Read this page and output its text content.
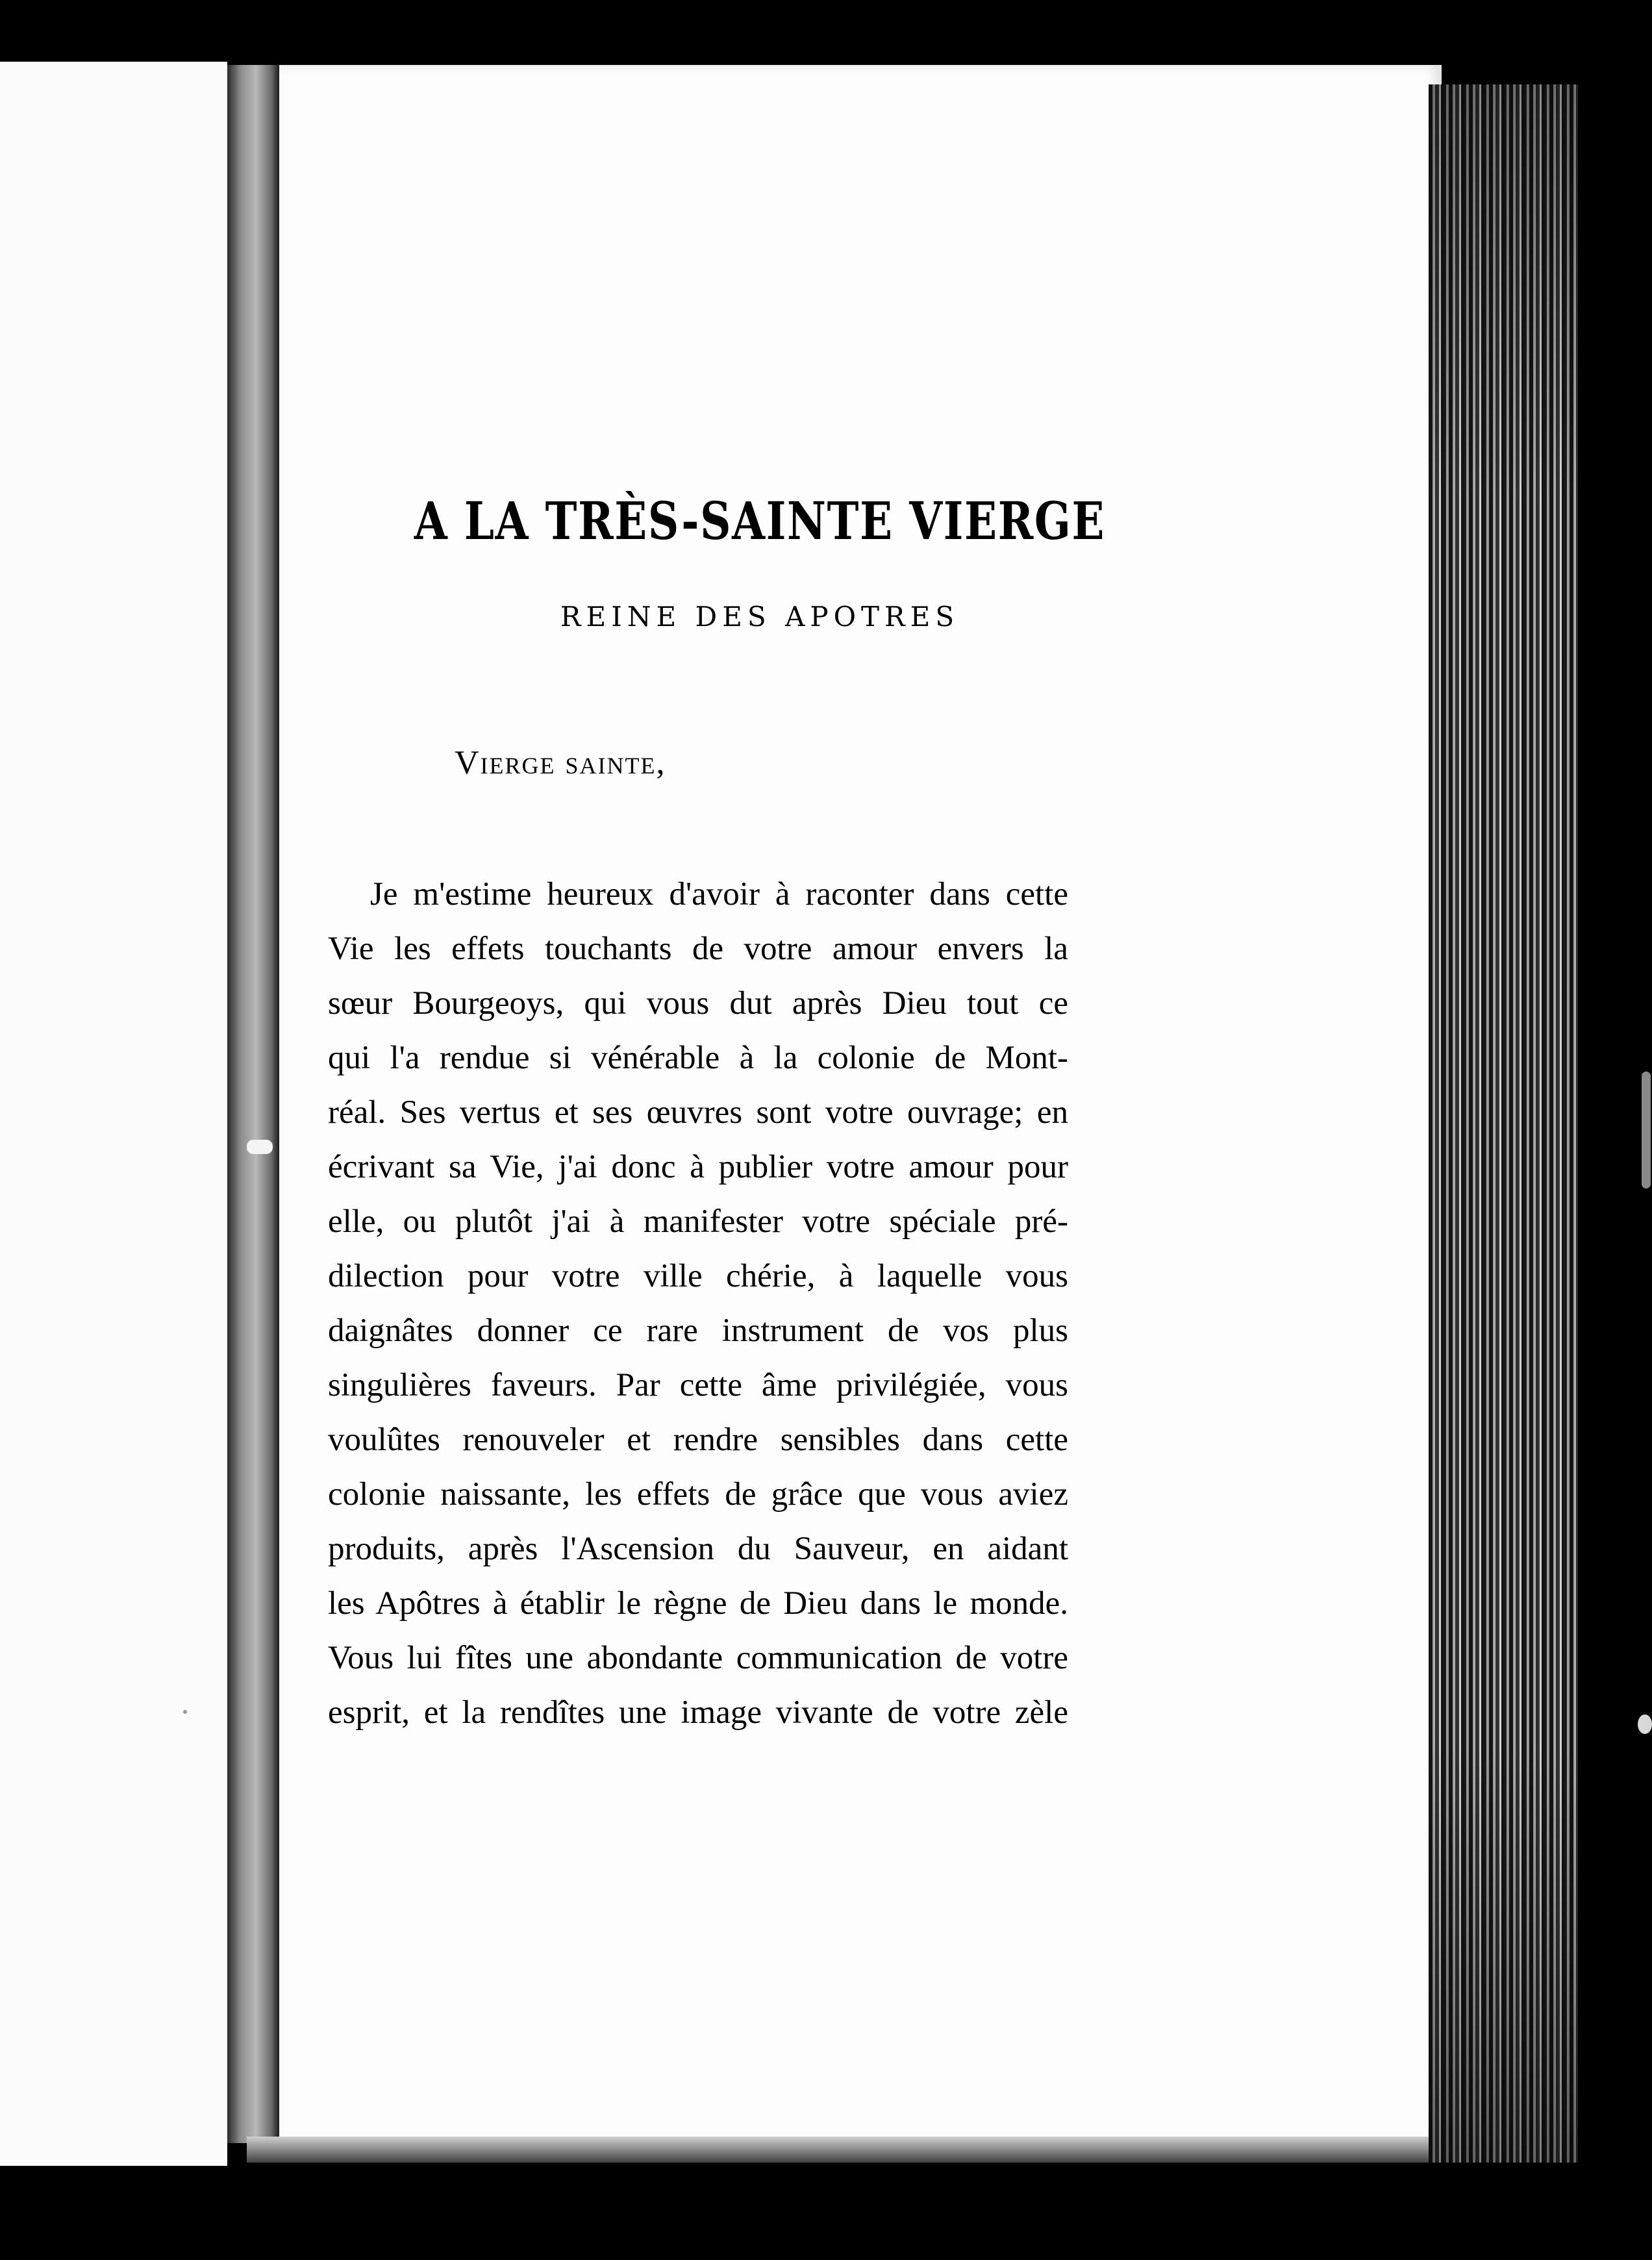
A LA TRÈS-SAINTE VIERGE
REINE DES APOTRES
Vierge sainte,
Je m'estime heureux d'avoir à raconter dans cette
Vie les effets touchants de votre amour envers la
sœur Bourgeoys, qui vous dut après Dieu tout ce
qui l'a rendue si vénérable à la colonie de Mont-
réal. Ses vertus et ses œuvres sont votre ouvrage; en
écrivant sa Vie, j'ai donc à publier votre amour pour
elle, ou plutôt j'ai à manifester votre spéciale pré-
dilection pour votre ville chérie, à laquelle vous
daignâtes donner ce rare instrument de vos plus
singulières faveurs. Par cette âme privilégiée, vous
voulûtes renouveler et rendre sensibles dans cette
colonie naissante, les effets de grâce que vous aviez
produits, après l'Ascension du Sauveur, en aidant
les Apôtres à établir le règne de Dieu dans le monde.
Vous lui fîtes une abondante communication de votre
esprit, et la rendîtes une image vivante de votre zèle
